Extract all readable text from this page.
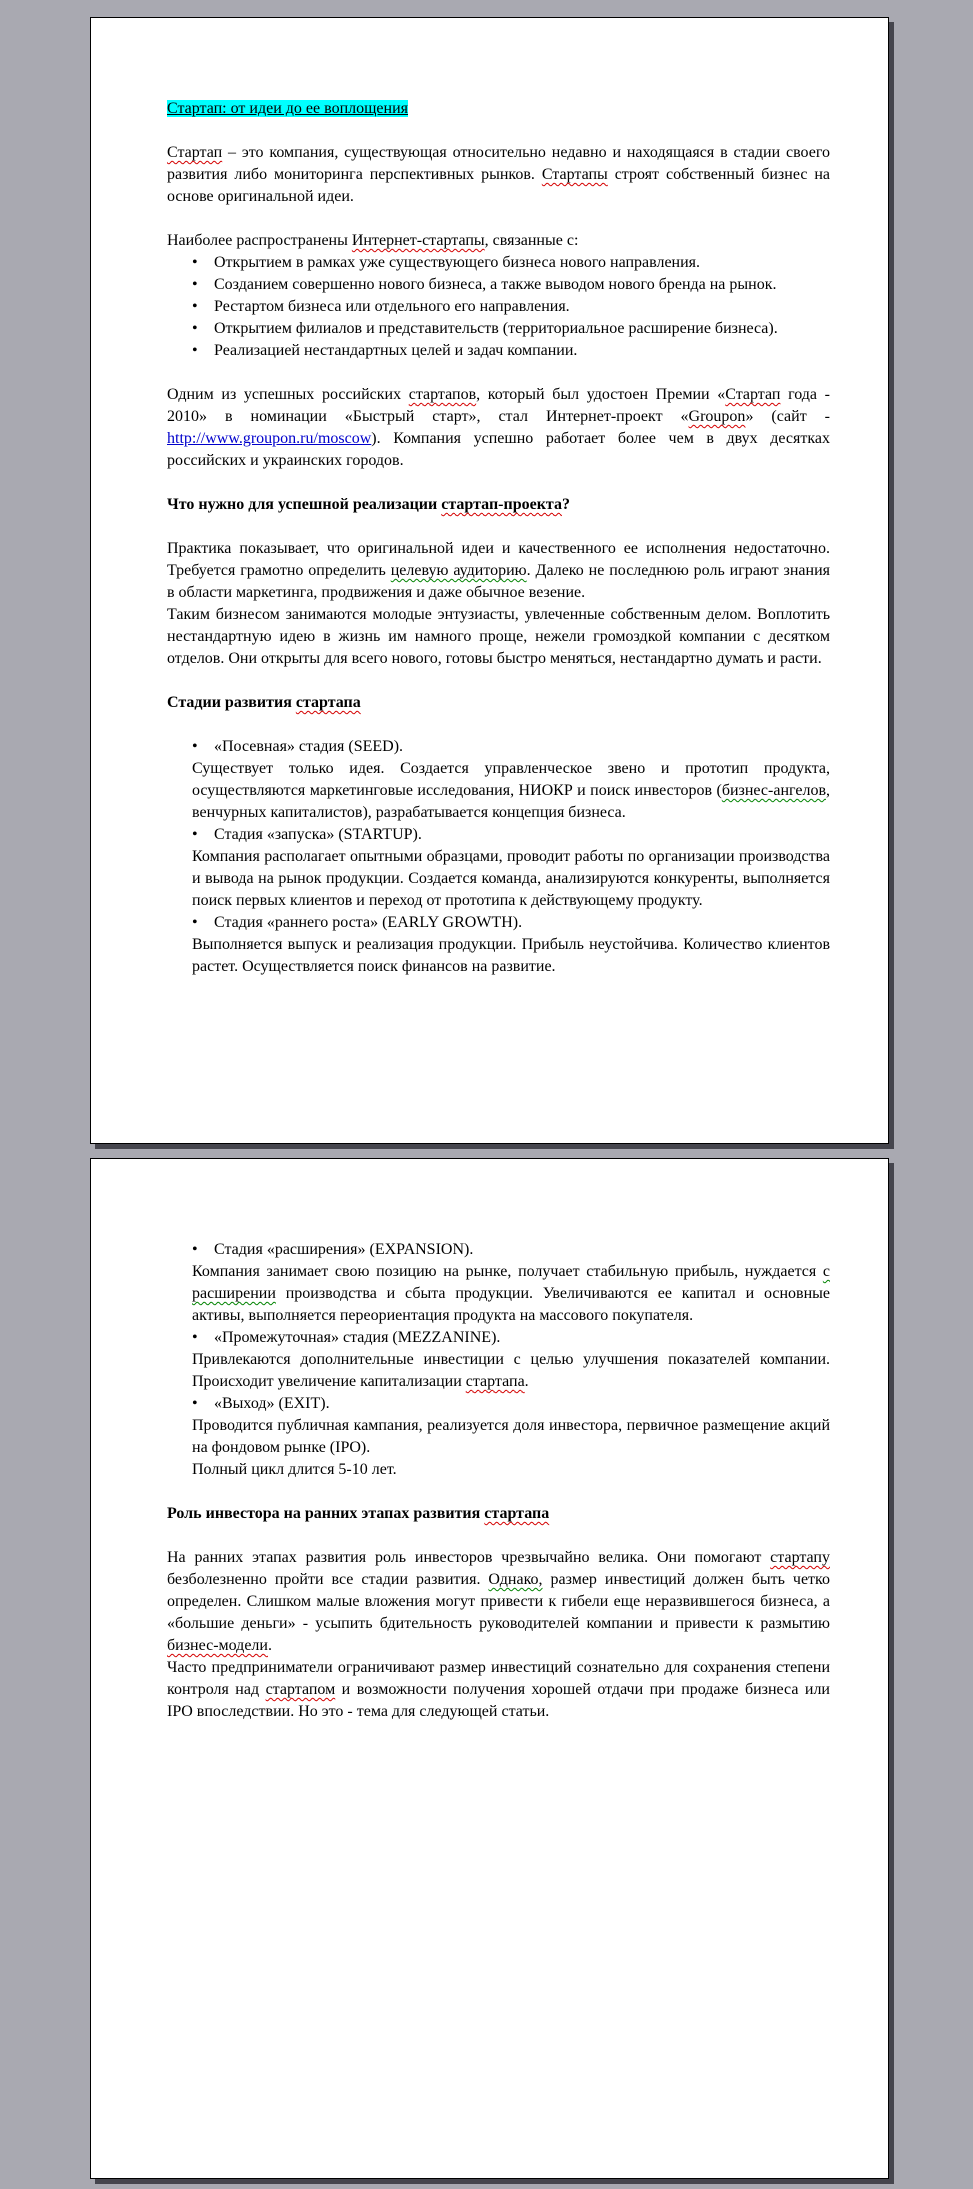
Стартап: от идеи до ее воплощения
Стартап – это компания, существующая относительно недавно и находящаяся в стадии своего развития либо мониторинга перспективных рынков. Стартапы строят собственный бизнес на основе оригинальной идеи.
Наиболее распространены Интернет-стартапы, связанные с:
• Открытием в рамках уже существующего бизнеса нового направления.
• Созданием совершенно нового бизнеса, а также выводом нового бренда на рынок.
• Рестартом бизнеса или отдельного его направления.
• Открытием филиалов и представительств (территориальное расширение бизнеса).
• Реализацией нестандартных целей и задач компании.
Одним из успешных российских стартапов, который был удостоен Премии «Стартап года - 2010» в номинации «Быстрый старт», стал Интернет-проект «Groupon» (сайт - http://www.groupon.ru/moscow). Компания успешно работает более чем в двух десятках российских и украинских городов.
Что нужно для успешной реализации стартап-проекта?
Практика показывает, что оригинальной идеи и качественного ее исполнения недостаточно. Требуется грамотно определить целевую аудиторию. Далеко не последнюю роль играют знания в области маркетинга, продвижения и даже обычное везение.
Таким бизнесом занимаются молодые энтузиасты, увлеченные собственным делом. Воплотить нестандартную идею в жизнь им намного проще, нежели громоздкой компании с десятком отделов. Они открыты для всего нового, готовы быстро меняться, нестандартно думать и расти.
Стадии развития стартапа
• «Посевная» стадия (SEED).
Существует только идея. Создается управленческое звено и прототип продукта, осуществляются маркетинговые исследования, НИОКР и поиск инвесторов (бизнес-ангелов, венчурных капиталистов), разрабатывается концепция бизнеса.
• Стадия «запуска» (STARTUP).
Компания располагает опытными образцами, проводит работы по организации производства и вывода на рынок продукции. Создается команда, анализируются конкуренты, выполняется поиск первых клиентов и переход от прототипа к действующему продукту.
• Стадия «раннего роста» (EARLY GROWTH).
Выполняется выпуск и реализация продукции. Прибыль неустойчива. Количество клиентов растет. Осуществляется поиск финансов на развитие.
• Стадия «расширения» (EXPANSION).
Компания занимает свою позицию на рынке, получает стабильную прибыль, нуждается с расширении производства и сбыта продукции. Увеличиваются ее капитал и основные активы, выполняется переориентация продукта на массового покупателя.
• «Промежуточная» стадия (MEZZANINE).
Привлекаются дополнительные инвестиции с целью улучшения показателей компании. Происходит увеличение капитализации стартапа.
• «Выход» (EXIT).
Проводится публичная кампания, реализуется доля инвестора, первичное размещение акций на фондовом рынке (IPO).
Полный цикл длится 5-10 лет.
Роль инвестора на ранних этапах развития стартапа
На ранних этапах развития роль инвесторов чрезвычайно велика. Они помогают стартапу безболезненно пройти все стадии развития. Однако, размер инвестиций должен быть четко определен. Слишком малые вложения могут привести к гибели еще неразвившегося бизнеса, а «большие деньги» - усыпить бдительность руководителей компании и привести к размытию бизнес-модели.
Часто предприниматели ограничивают размер инвестиций сознательно для сохранения степени контроля над стартапом и возможности получения хорошей отдачи при продаже бизнеса или IPO впоследствии. Но это - тема для следующей статьи.
